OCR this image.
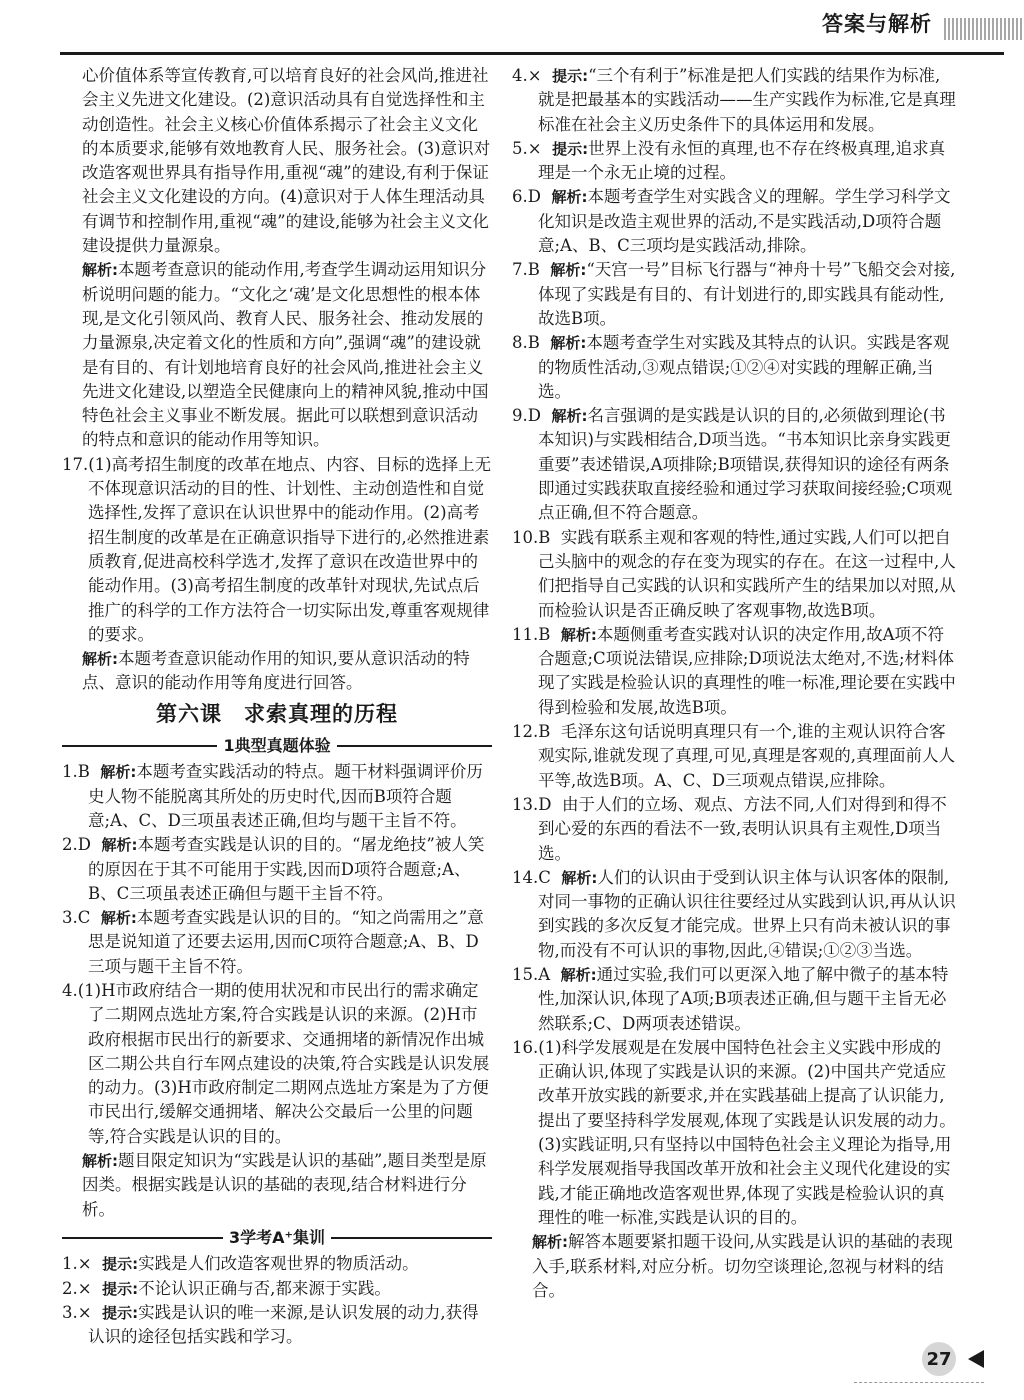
答案与解析

心价值体系等宣传教育,可以培育良好的社会风尚,推进社会主义先进文化建设。(2)意识活动具有自觉选择性和主动创造性。社会主义核心价值体系揭示了社会主义文化的本质要求,能够有效地教育人民、服务社会。(3)意识对改造客观世界具有指导作用,重视“魂”的建设,有利于保证社会主义文化建设的方向。(4)意识对于人体生理活动具有调节和控制作用,重视“魂”的建设,能够为社会主义文化建设提供力量源泉。

解析:本题考查意识的能动作用,考查学生调动运用知识分析说明问题的能力。“文化之‘魂’是文化思想性的根本体现,是文化引领风尚、教育人民、服务社会、推动发展的力量源泉,决定着文化的性质和方向”,强调“魂”的建设就是有目的、有计划地培育良好的社会风尚,推进社会主义先进文化建设,以塑造全民健康向上的精神风貌,推动中国特色社会主义事业不断发展。据此可以联想到意识活动的特点和意识的能动作用等知识。

17.(1)高考招生制度的改革在地点、内容、目标的选择上无不体现意识活动的目的性、计划性、主动创造性和自觉选择性,发挥了意识在认识世界中的能动作用。(2)高考招生制度的改革是在正确意识指导下进行的,必然推进素质教育,促进高校科学选才,发挥了意识在改造世界中的能动作用。(3)高考招生制度的改革针对现状,先试点后推广的科学的工作方法符合一切实际出发,尊重客观规律的要求。

解析:本题考查意识能动作用的知识,要从意识活动的特点、意识的能动作用等角度进行回答。

第六课　求索真理的历程
1典型真题体验

1.B 解析:本题考查实践活动的特点。题干材料强调评价历史人物不能脱离其所处的历史时代,因而B项符合题意;A、C、D三项虽表述正确,但均与题干主旨不符。

2.D 解析:本题考查实践是认识的目的。“屠龙绝技”被人笑的原因在于其不可能用于实践,因而D项符合题意;A、B、C三项虽表述正确但与题干主旨不符。

3.C 解析:本题考查实践是认识的目的。“知之尚需用之”意思是说知道了还要去运用,因而C项符合题意;A、B、D三项与题干主旨不符。

4.(1)H市政府结合一期的使用状况和市民出行的需求确定了二期网点选址方案,符合实践是认识的来源。(2)H市政府根据市民出行的新要求、交通拥堵的新情况作出城区二期公共自行车网点建设的决策,符合实践是认识发展的动力。(3)H市政府制定二期网点选址方案是为了方便市民出行,缓解交通拥堵、解决公交最后一公里的问题等,符合实践是认识的目的。

解析:题目限定知识为“实践是认识的基础”,题目类型是原因类。根据实践是认识的基础的表现,结合材料进行分析。

3学考A⁺集训

1.× 提示:实践是人们改造客观世界的物质活动。

2.× 提示:不论认识正确与否,都来源于实践。

3.× 提示:实践是认识的唯一来源,是认识发展的动力,获得认识的途径包括实践和学习。

4.× 提示:“三个有利于”标准是把人们实践的结果作为标准,就是把最基本的实践活动——生产实践作为标准,它是真理标准在社会主义历史条件下的具体运用和发展。

5.× 提示:世界上没有永恒的真理,也不存在终极真理,追求真理是一个永无止境的过程。

6.D 解析:本题考查学生对实践含义的理解。学生学习科学文化知识是改造主观世界的活动,不是实践活动,D项符合题意;A、B、C三项均是实践活动,排除。

7.B 解析:“天宫一号”目标飞行器与“神舟十号”飞船交会对接,体现了实践是有目的、有计划进行的,即实践具有能动性,故选B项。

8.B 解析:本题考查学生对实践及其特点的认识。实践是客观的物质性活动,③观点错误;①②④对实践的理解正确,当选。

9.D 解析:名言强调的是实践是认识的目的,必须做到理论(书本知识)与实践相结合,D项当选。“书本知识比亲身实践更重要”表述错误,A项排除;B项错误,获得知识的途径有两条即通过实践获取直接经验和通过学习获取间接经验;C项观点正确,但不符合题意。

10.B 实践有联系主观和客观的特性,通过实践,人们可以把自己头脑中的观念的存在变为现实的存在。在这一过程中,人们把指导自己实践的认识和实践所产生的结果加以对照,从而检验认识是否正确反映了客观事物,故选B项。

11.B 解析:本题侧重考查实践对认识的决定作用,故A项不符合题意;C项说法错误,应排除;D项说法太绝对,不选;材料体现了实践是检验认识的真理性的唯一标准,理论要在实践中得到检验和发展,故选B项。

12.B 毛泽东这句话说明真理只有一个,谁的主观认识符合客观实际,谁就发现了真理,可见,真理是客观的,真理面前人人平等,故选B项。A、C、D三项观点错误,应排除。

13.D 由于人们的立场、观点、方法不同,人们对得到和得不到心爱的东西的看法不一致,表明认识具有主观性,D项当选。

14.C 解析:人们的认识由于受到认识主体与认识客体的限制,对同一事物的正确认识往往要经过从实践到认识,再从认识到实践的多次反复才能完成。世界上只有尚未被认识的事物,而没有不可认识的事物,因此,④错误;①②③当选。

15.A 解析:通过实验,我们可以更深入地了解中微子的基本特性,加深认识,体现了A项;B项表述正确,但与题干主旨无必然联系;C、D两项表述错误。

16.(1)科学发展观是在发展中国特色社会主义实践中形成的正确认识,体现了实践是认识的来源。(2)中国共产党适应改革开放实践的新要求,并在实践基础上提高了认识能力,提出了要坚持科学发展观,体现了实践是认识发展的动力。(3)实践证明,只有坚持以中国特色社会主义理论为指导,用科学发展观指导我国改革开放和社会主义现代化建设的实践,才能正确地改造客观世界,体现了实践是检验认识的真理性的唯一标准,实践是认识的目的。

解析:解答本题要紧扣题干设问,从实践是认识的基础的表现入手,联系材料,对应分析。切勿空谈理论,忽视与材料的结合。

27
